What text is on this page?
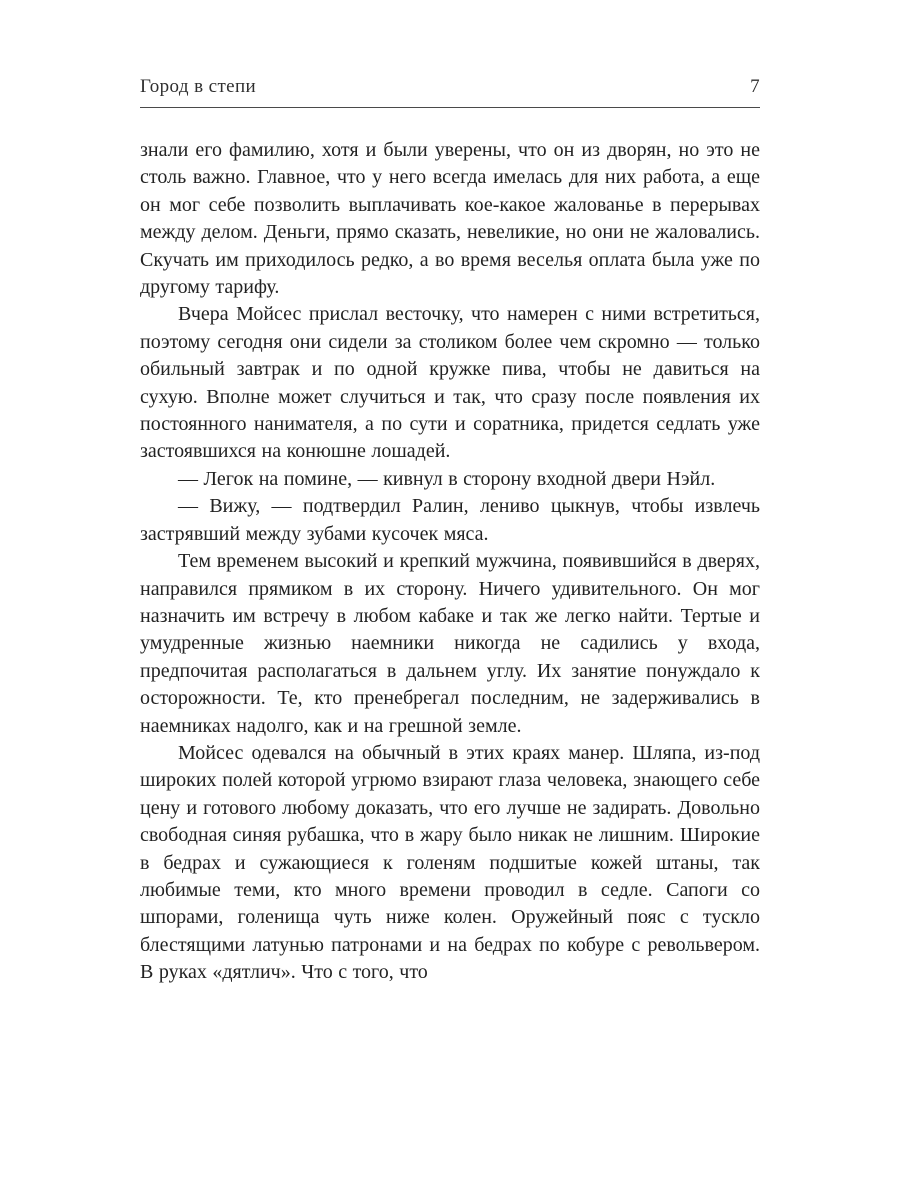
Город в степи	7

знали его фамилию, хотя и были уверены, что он из дворян, но это не столь важно. Главное, что у него всегда имелась для них работа, а еще он мог себе позволить выплачивать кое-какое жалованье в перерывах между делом. Деньги, прямо сказать, невеликие, но они не жаловались. Скучать им приходилось редко, а во время веселья оплата была уже по другому тарифу.

Вчера Мойсес прислал весточку, что намерен с ними встретиться, поэтому сегодня они сидели за столиком более чем скромно — только обильный завтрак и по одной кружке пива, чтобы не давиться на сухую. Вполне может случиться и так, что сразу после появления их постоянного нанимателя, а по сути и соратника, придется седлать уже застоявшихся на конюшне лошадей.

— Легок на помине, — кивнул в сторону входной двери Нэйл.

— Вижу, — подтвердил Ралин, лениво цыкнув, чтобы извлечь застрявший между зубами кусочек мяса.

Тем временем высокий и крепкий мужчина, появившийся в дверях, направился прямиком в их сторону. Ничего удивительного. Он мог назначить им встречу в любом кабаке и так же легко найти. Тертые и умудренные жизнью наемники никогда не садились у входа, предпочитая располагаться в дальнем углу. Их занятие понуждало к осторожности. Те, кто пренебрегал последним, не задерживались в наемниках надолго, как и на грешной земле.

Мойсес одевался на обычный в этих краях манер. Шляпа, из-под широких полей которой угрюмо взирают глаза человека, знающего себе цену и готового любому доказать, что его лучше не задирать. Довольно свободная синяя рубашка, что в жару было никак не лишним. Широкие в бедрах и сужающиеся к голеням подшитые кожей штаны, так любимые теми, кто много времени проводил в седле. Сапоги со шпорами, голенища чуть ниже колен. Оружейный пояс с тускло блестящими латунью патронами и на бедрах по кобуре с револьвером. В руках «дятлич». Что с того, что
